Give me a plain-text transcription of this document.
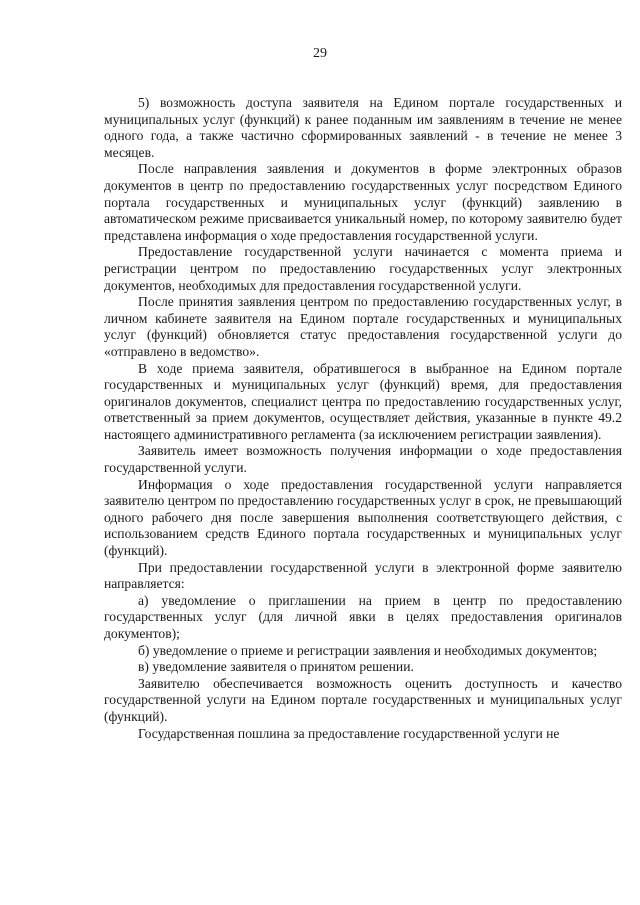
29

5) возможность доступа заявителя на Едином портале государственных и муниципальных услуг (функций) к ранее поданным им заявлениям в течение не менее одного года, а также частично сформированных заявлений - в течение не менее 3 месяцев.

После направления заявления и документов в форме электронных образов документов в центр по предоставлению государственных услуг посредством Единого портала государственных и муниципальных услуг (функций) заявлению в автоматическом режиме присваивается уникальный номер, по которому заявителю будет представлена информация о ходе предоставления государственной услуги.

Предоставление государственной услуги начинается с момента приема и регистрации центром по предоставлению государственных услуг электронных документов, необходимых для предоставления государственной услуги.

После принятия заявления центром по предоставлению государственных услуг, в личном кабинете заявителя на Едином портале государственных и муниципальных услуг (функций) обновляется статус предоставления государственной услуги до «отправлено в ведомство».

В ходе приема заявителя, обратившегося в выбранное на Едином портале государственных и муниципальных услуг (функций) время, для предоставления оригиналов документов, специалист центра по предоставлению государственных услуг, ответственный за прием документов, осуществляет действия, указанные в пункте 49.2 настоящего административного регламента (за исключением регистрации заявления).

Заявитель имеет возможность получения информации о ходе предоставления государственной услуги.

Информация о ходе предоставления государственной услуги направляется заявителю центром по предоставлению государственных услуг в срок, не превышающий одного рабочего дня после завершения выполнения соответствующего действия, с использованием средств Единого портала государственных и муниципальных услуг (функций).

При предоставлении государственной услуги в электронной форме заявителю направляется:

а) уведомление о приглашении на прием в центр по предоставлению государственных услуг (для личной явки в целях предоставления оригиналов документов);

б) уведомление о приеме и регистрации заявления и необходимых документов;

в) уведомление заявителя о принятом решении.

Заявителю обеспечивается возможность оценить доступность и качество государственной услуги на Едином портале государственных и муниципальных услуг (функций).

Государственная пошлина за предоставление государственной услуги не
